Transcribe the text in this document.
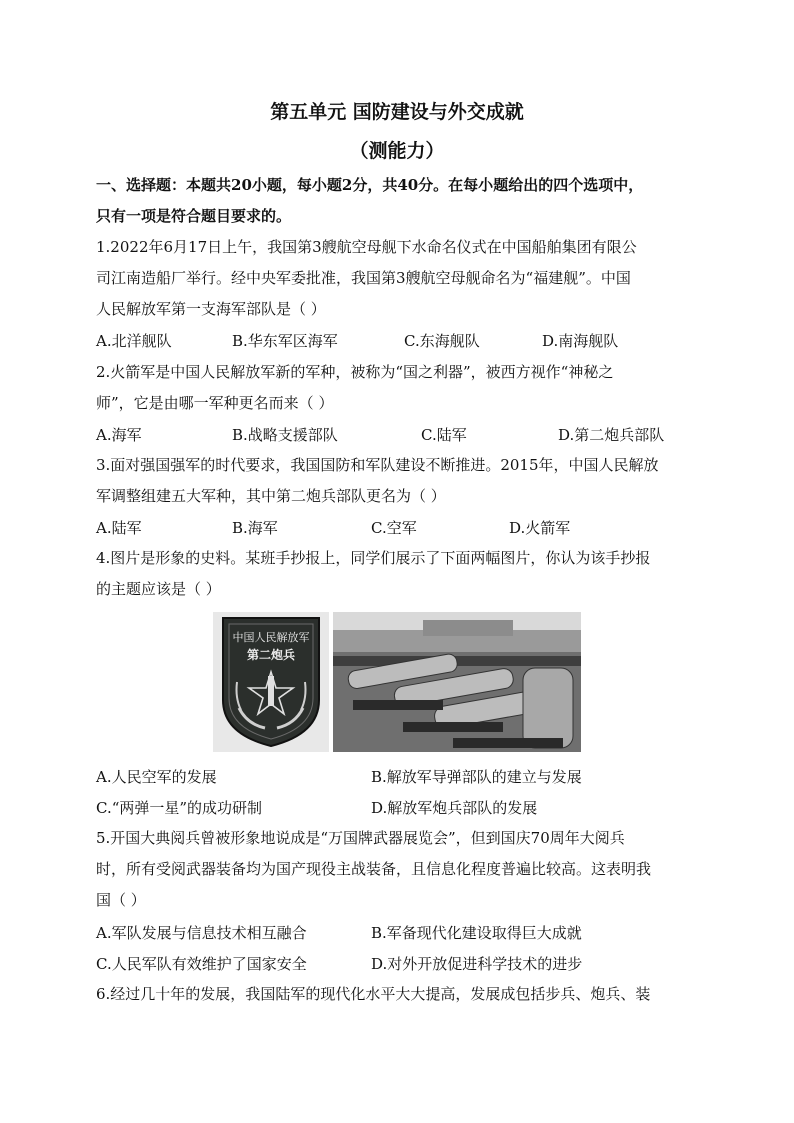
第五单元 国防建设与外交成就
（测能力）
一、选择题：本题共20小题，每小题2分，共40分。在每小题给出的四个选项中，
只有一项是符合题目要求的。
1.2022年6月17日上午，我国第3艘航空母舰下水命名仪式在中国船舶集团有限公
司江南造船厂举行。经中央军委批准，我国第3艘航空母舰命名为“福建舰”。中国
人民解放军第一支海军部队是（ ）
A.北洋舰队	B.华东军区海军	C.东海舰队	D.南海舰队
2.火箭军是中国人民解放军新的军种，被称为“国之利器”，被西方视作“神秘之
师”，它是由哪一军种更名而来（ ）
A.海军	B.战略支援部队	C.陆军	D.第二炮兵部队
3.面对强国强军的时代要求，我国国防和军队建设不断推进。2015年，中国人民解放
军调整组建五大军种，其中第二炮兵部队更名为（ ）
A.陆军	B.海军	C.空军	D.火箭军
4.图片是形象的史料。某班手抄报上，同学们展示了下面两幅图片，你认为该手抄报
的主题应该是（ ）
中国人民解放军
第二炮兵
A.人民空军的发展	B.解放军导弹部队的建立与发展
C.“两弹一星”的成功研制	D.解放军炮兵部队的发展
5.开国大典阅兵曾被形象地说成是“万国牌武器展览会”，但到国庆70周年大阅兵
时，所有受阅武器装备均为国产现役主战装备，且信息化程度普遍比较高。这表明我
国（ ）
A.军队发展与信息技术相互融合	B.军备现代化建设取得巨大成就
C.人民军队有效维护了国家安全	D.对外开放促进科学技术的进步
6.经过几十年的发展，我国陆军的现代化水平大大提高，发展成包括步兵、炮兵、装
